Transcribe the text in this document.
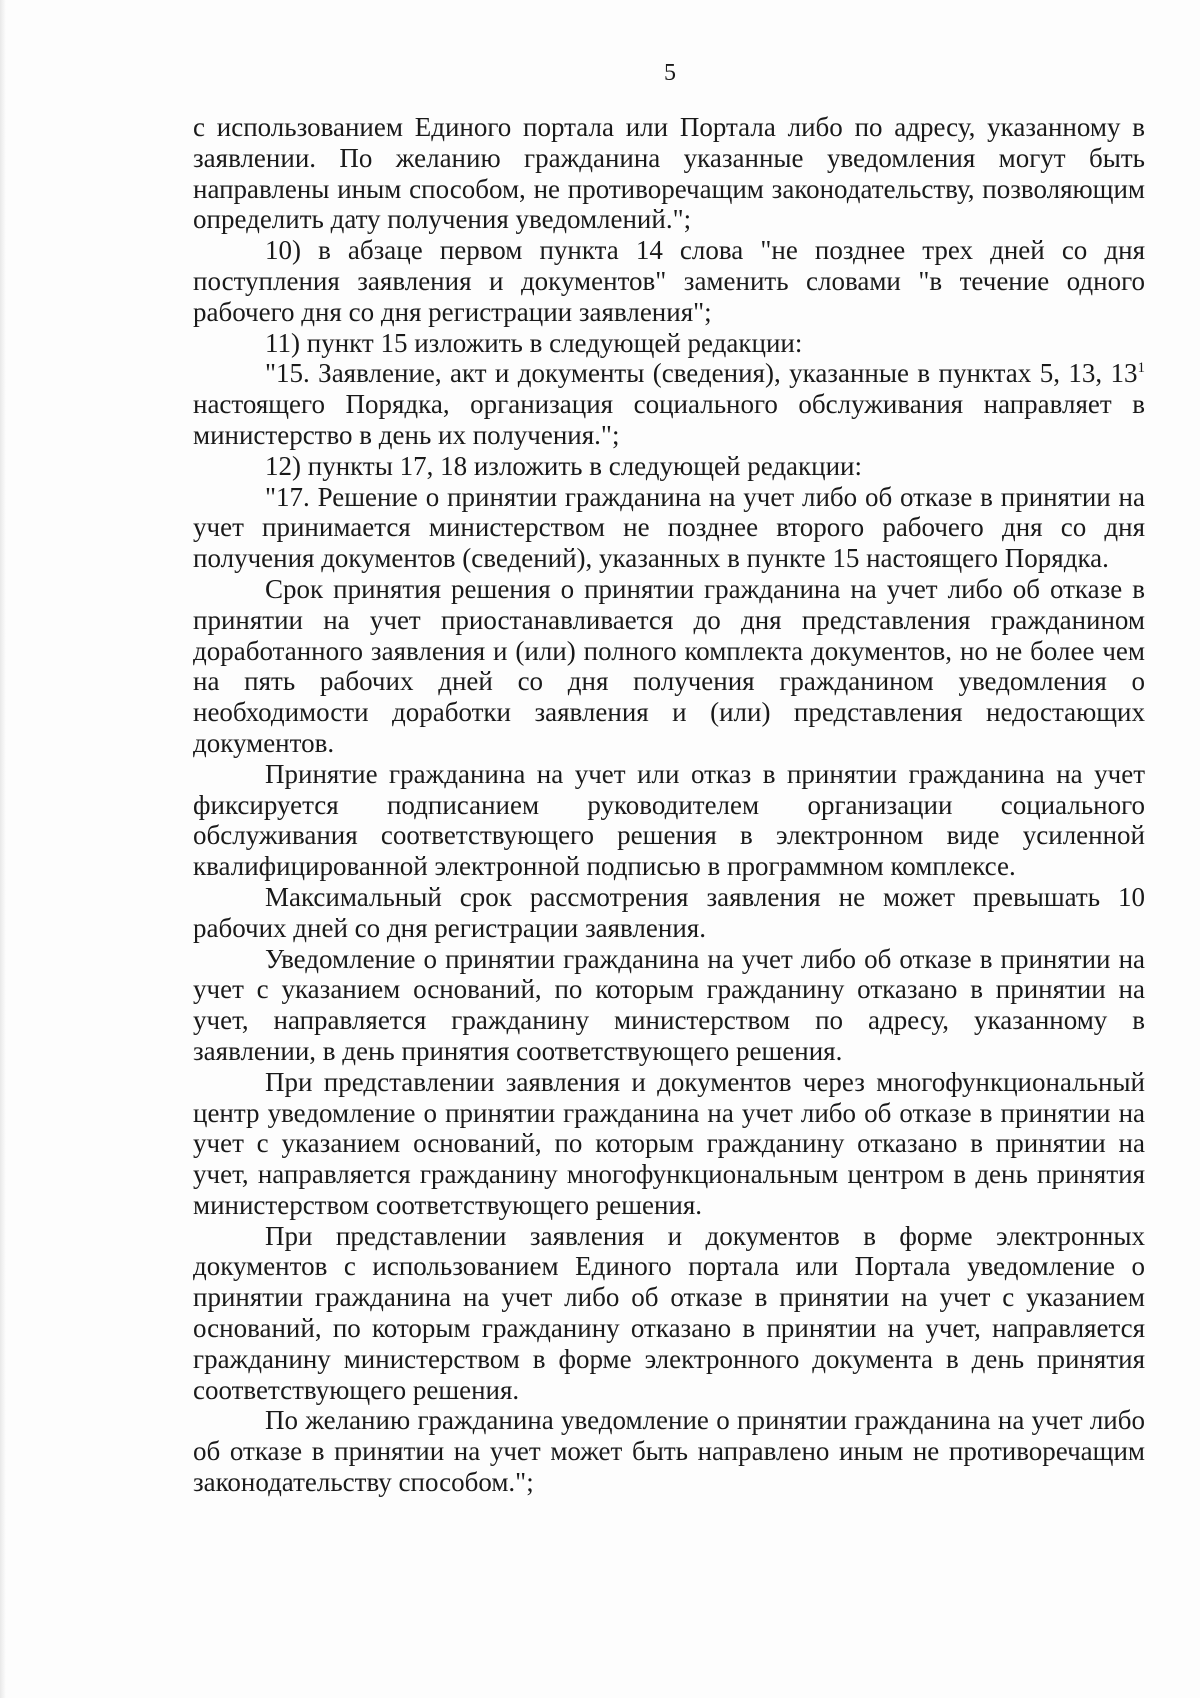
5

с использованием Единого портала или Портала либо по адресу, указанному в заявлении. По желанию гражданина указанные уведомления могут быть направлены иным способом, не противоречащим законодательству, позволяющим определить дату получения уведомлений.";

10) в абзаце первом пункта 14 слова "не позднее трех дней со дня поступления заявления и документов" заменить словами "в течение одного рабочего дня со дня регистрации заявления";

11) пункт 15 изложить в следующей редакции:

"15. Заявление, акт и документы (сведения), указанные в пунктах 5, 13, $13^1$ настоящего Порядка, организация социального обслуживания направляет в министерство в день их получения.";

12) пункты 17, 18 изложить в следующей редакции:

"17. Решение о принятии гражданина на учет либо об отказе в принятии на учет принимается министерством не позднее второго рабочего дня со дня получения документов (сведений), указанных в пункте 15 настоящего Порядка.

Срок принятия решения о принятии гражданина на учет либо об отказе в принятии на учет приостанавливается до дня представления гражданином доработанного заявления и (или) полного комплекта документов, но не более чем на пять рабочих дней со дня получения гражданином уведомления о необходимости доработки заявления и (или) представления недостающих документов.

Принятие гражданина на учет или отказ в принятии гражданина на учет фиксируется подписанием руководителем организации социального обслуживания соответствующего решения в электронном виде усиленной квалифицированной электронной подписью в программном комплексе.

Максимальный срок рассмотрения заявления не может превышать 10 рабочих дней со дня регистрации заявления.

Уведомление о принятии гражданина на учет либо об отказе в принятии на учет с указанием оснований, по которым гражданину отказано в принятии на учет, направляется гражданину министерством по адресу, указанному в заявлении, в день принятия соответствующего решения.

При представлении заявления и документов через многофункциональный центр уведомление о принятии гражданина на учет либо об отказе в принятии на учет с указанием оснований, по которым гражданину отказано в принятии на учет, направляется гражданину многофункциональным центром в день принятия министерством соответствующего решения.

При представлении заявления и документов в форме электронных документов с использованием Единого портала или Портала уведомление о принятии гражданина на учет либо об отказе в принятии на учет с указанием оснований, по которым гражданину отказано в принятии на учет, направляется гражданину министерством в форме электронного документа в день принятия соответствующего решения.

По желанию гражданина уведомление о принятии гражданина на учет либо об отказе в принятии на учет может быть направлено иным не противоречащим законодательству способом.";
